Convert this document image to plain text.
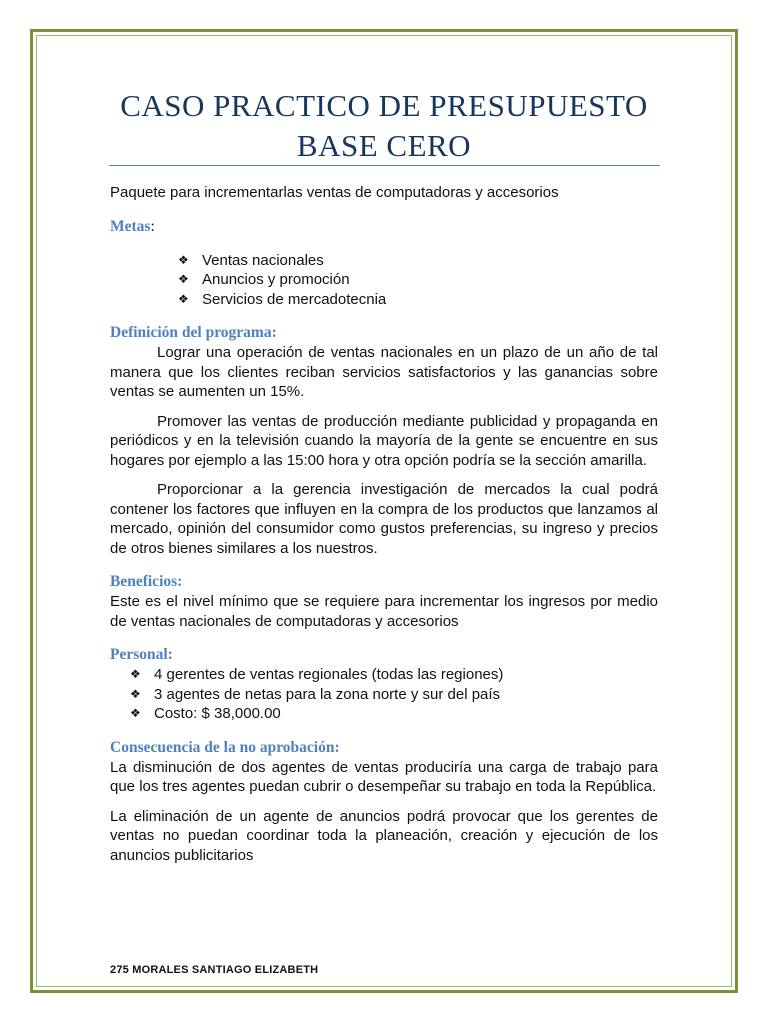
CASO PRACTICO DE PRESUPUESTO
BASE CERO

Paquete para incrementarlas ventas de computadoras y accesorios

Metas:
❖ Ventas nacionales
❖ Anuncios y promoción
❖ Servicios de mercadotecnia
Definición del programa:

Lograr una operación de ventas nacionales en un plazo de un año de tal manera que los clientes reciban servicios satisfactorios y las ganancias sobre ventas se aumenten un 15%.

Promover las ventas de producción mediante publicidad y propaganda en periódicos y en la televisión cuando la mayoría de la gente se encuentre en sus hogares por ejemplo a las 15:00 hora y otra opción podría se la sección amarilla.

Proporcionar a la gerencia investigación de mercados la cual podrá contener los factores que influyen en la compra de los productos que lanzamos al mercado, opinión del consumidor como gustos preferencias, su ingreso y precios de otros bienes similares a los nuestros.

Beneficios:

Este es el nivel mínimo que se requiere para incrementar los ingresos por medio de ventas nacionales de computadoras y accesorios

Personal:
❖ 4 gerentes de ventas regionales (todas las regiones)
❖ 3 agentes de netas para la zona norte y sur del país
❖ Costo: $ 38,000.00
Consecuencia de la no aprobación:

La disminución de dos agentes de ventas produciría una carga de trabajo para que los tres agentes puedan cubrir o desempeñar su trabajo en toda la República.

La eliminación de un agente de anuncios podrá provocar que los gerentes de ventas no puedan coordinar toda la planeación, creación y ejecución de los anuncios publicitarios

275 MORALES SANTIAGO ELIZABETH
